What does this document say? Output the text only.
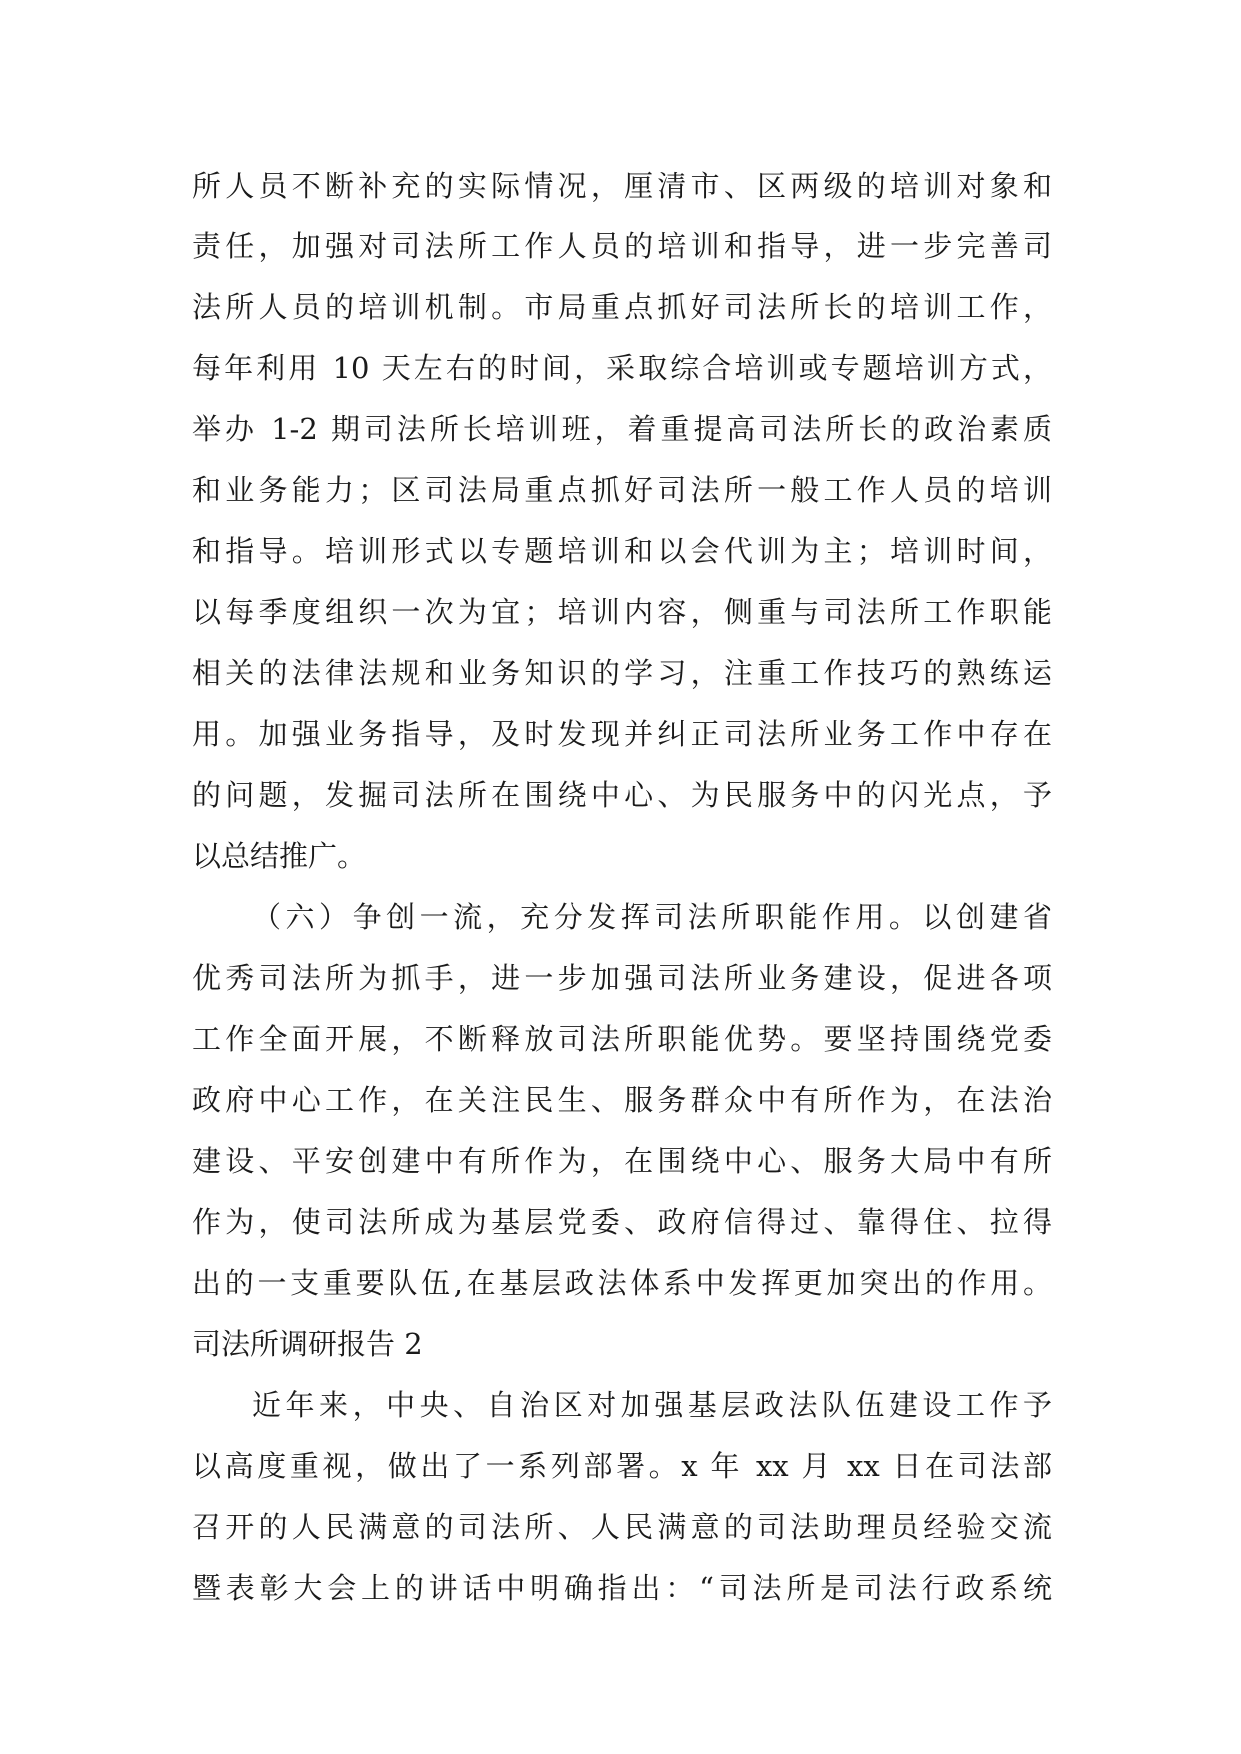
所人员不断补充的实际情况，厘清市、区两级的培训对象和
责任，加强对司法所工作人员的培训和指导，进一步完善司
法所人员的培训机制。市局重点抓好司法所长的培训工作，
每年利用 10 天左右的时间，采取综合培训或专题培训方式，
举办 1-2 期司法所长培训班，着重提高司法所长的政治素质
和业务能力；区司法局重点抓好司法所一般工作人员的培训
和指导。培训形式以专题培训和以会代训为主；培训时间，
以每季度组织一次为宜；培训内容，侧重与司法所工作职能
相关的法律法规和业务知识的学习，注重工作技巧的熟练运
用。加强业务指导，及时发现并纠正司法所业务工作中存在
的问题，发掘司法所在围绕中心、为民服务中的闪光点，予
以总结推广。
（六）争创一流，充分发挥司法所职能作用。以创建省
优秀司法所为抓手，进一步加强司法所业务建设，促进各项
工作全面开展，不断释放司法所职能优势。要坚持围绕党委
政府中心工作，在关注民生、服务群众中有所作为，在法治
建设、平安创建中有所作为，在围绕中心、服务大局中有所
作为，使司法所成为基层党委、政府信得过、靠得住、拉得
出的一支重要队伍,在基层政法体系中发挥更加突出的作用。
司法所调研报告 2
近年来，中央、自治区对加强基层政法队伍建设工作予
以高度重视，做出了一系列部署。x 年 xx 月 xx 日在司法部
召开的人民满意的司法所、人民满意的司法助理员经验交流
暨表彰大会上的讲话中明确指出：“司法所是司法行政系统
